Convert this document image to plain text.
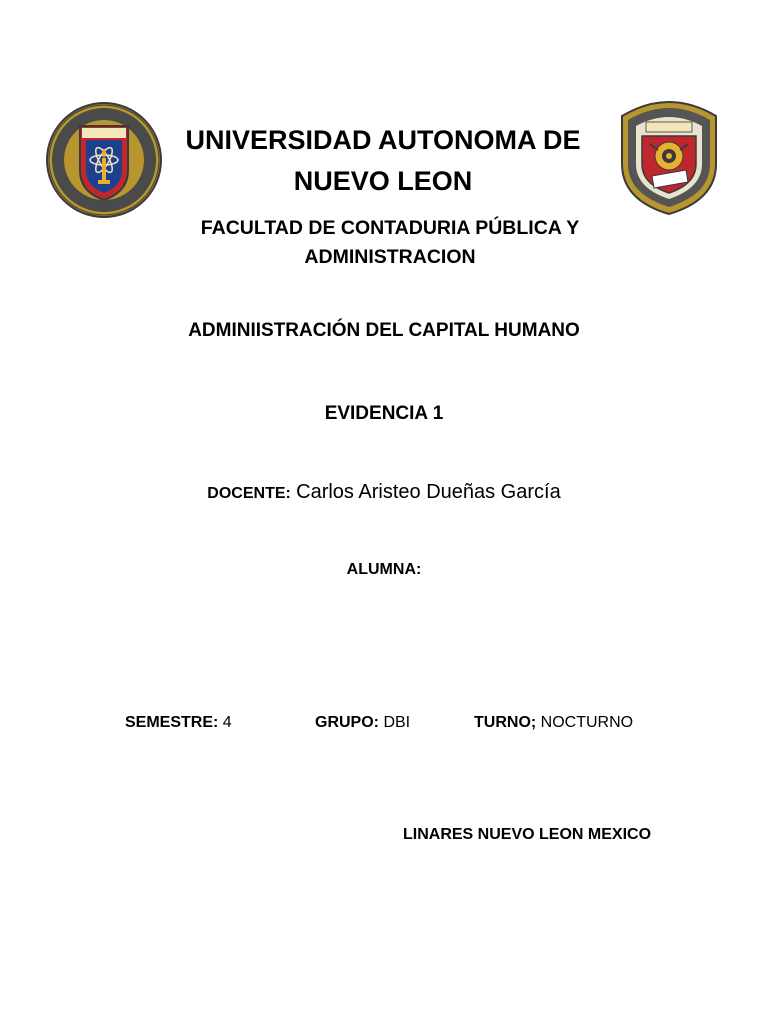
UNIVERSIDAD AUTONOMA DE
NUEVO LEON
FACULTAD DE CONTADURIA PÚBLICA Y
ADMINISTRACION
ADMINIISTRACIÓN DEL CAPITAL HUMANO
EVIDENCIA 1
DOCENTE: Carlos Aristeo Dueñas García
ALUMNA:
SEMESTRE: 4	GRUPO: DBI	TURNO; NOCTURNO
LINARES NUEVO LEON MEXICO
